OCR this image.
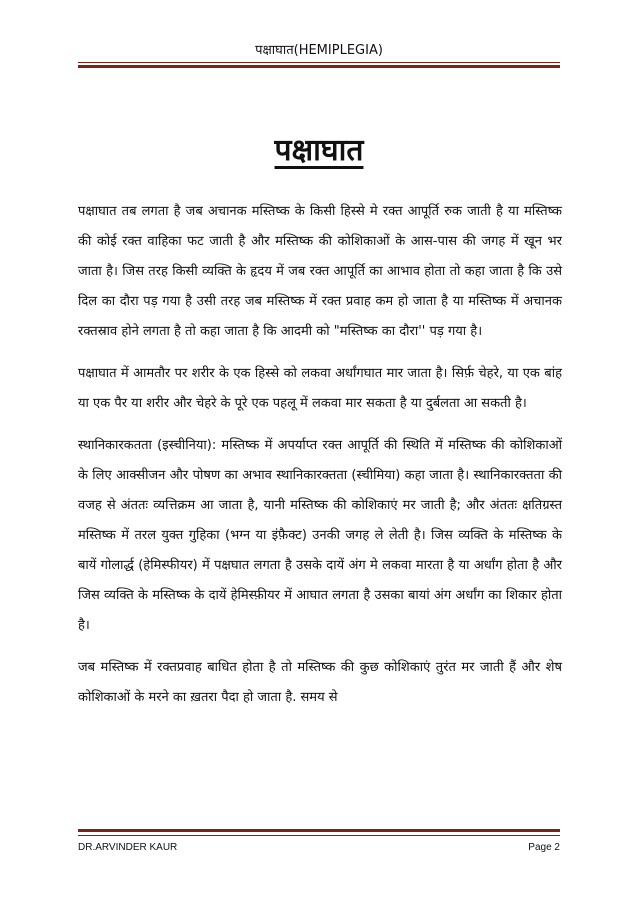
पक्षाघात(HEMIPLEGIA)
पक्षाघात

पक्षाघात तब लगता है जब अचानक मस्तिष्क के किसी हिस्से मे रक्त आपूर्ति रुक जाती है या मस्तिष्क की कोई रक्त वाहिका फट जाती है और मस्तिष्क की कोशिकाओं के आस-पास की जगह में खून भर जाता है। जिस तरह किसी व्यक्ति के हृदय में जब रक्त आपूर्ति का आभाव होता तो कहा जाता है कि उसे दिल का दौरा पड़ गया है उसी तरह जब मस्तिष्क में रक्त प्रवाह कम हो जाता है या मस्तिष्क में अचानक रक्तस्राव होने लगता है तो कहा जाता है कि आदमी को "मस्तिष्क का दौरा'' पड़ गया है।

पक्षाघात में आमतौर पर शरीर के एक हिस्से को लकवा अर्धांगघात मार जाता है। सिर्फ़ चेहरे, या एक बांह या एक पैर या शरीर और चेहरे के पूरे एक पहलू में लकवा मार सकता है या दुर्बलता आ सकती है।

स्थानिकारकतता (इस्चीनिया): मस्तिष्क में अपर्याप्त रक्त आपूर्ति की स्थिति में मस्तिष्क की कोशिकाओं के लिए आक्सीजन और पोषण का अभाव स्थानिकारक्तता (स्चीमिया) कहा जाता है। स्थानिकारक्तता की वजह से अंततः व्यत्तिक्रम आ जाता है, यानी मस्तिष्क की कोशिकाएं मर जाती है; और अंततः क्षतिग्रस्त मस्तिष्क में तरल युक्त गुहिका (भग्न या इंफ़ैक्ट) उनकी जगह ले लेती है। जिस व्यक्ति के मस्तिष्क के बायें गोलार्द्ध (हेमिस्फीयर) में पक्षघात लगता है उसके दायें अंग मे लकवा मारता है या अर्धांग होता है और जिस व्यक्ति के मस्तिष्क के दायें हेमिस्फ़ीयर में आघात लगता है उसका बायां अंग अर्धांग का शिकार होता है।

जब मस्तिष्क में रक्तप्रवाह बाधित होता है तो मस्तिष्क की कुछ कोशिकाएं तुरंत मर जाती हैं और शेष कोशिकाओं के मरने का ख़तरा पैदा हो जाता है. समय से

DR.ARVINDER KAUR	Page 2
